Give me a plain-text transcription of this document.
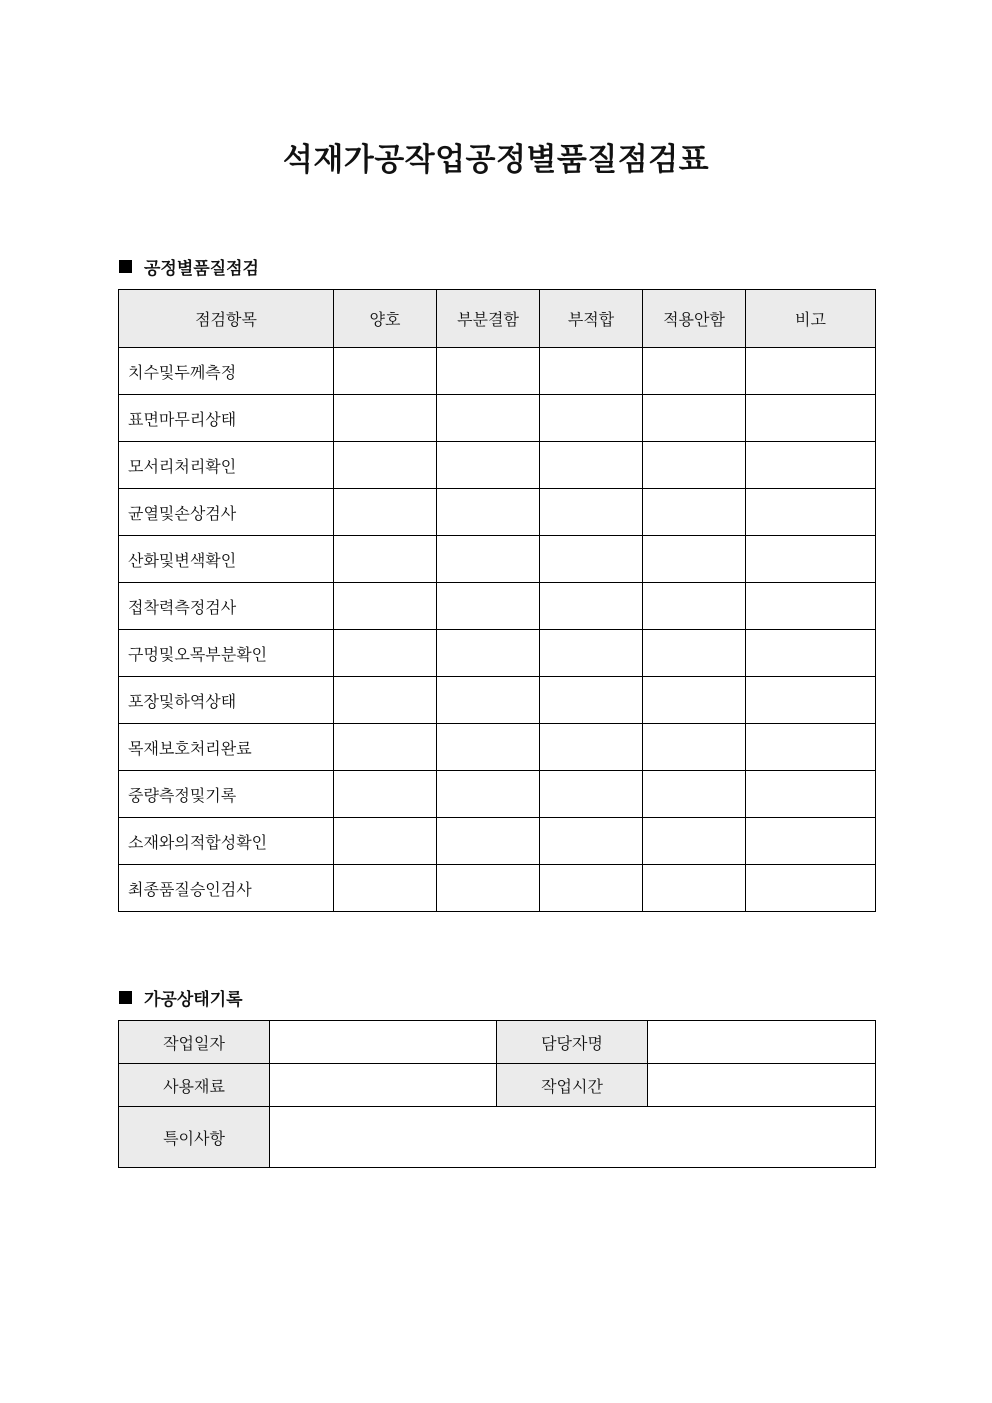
석재가공작업공정별품질점검표
공정별품질점검
점검항목	양호	부분결함	부적합	적용안함	비고
치수및두께측정					
표면마무리상태					
모서리처리확인					
균열및손상검사					
산화및변색확인					
접착력측정검사					
구멍및오목부분확인					
포장및하역상태					
목재보호처리완료					
중량측정및기록					
소재와의적합성확인					
최종품질승인검사					
가공상태기록
작업일자		담당자명	
사용재료		작업시간	
특이사항			
